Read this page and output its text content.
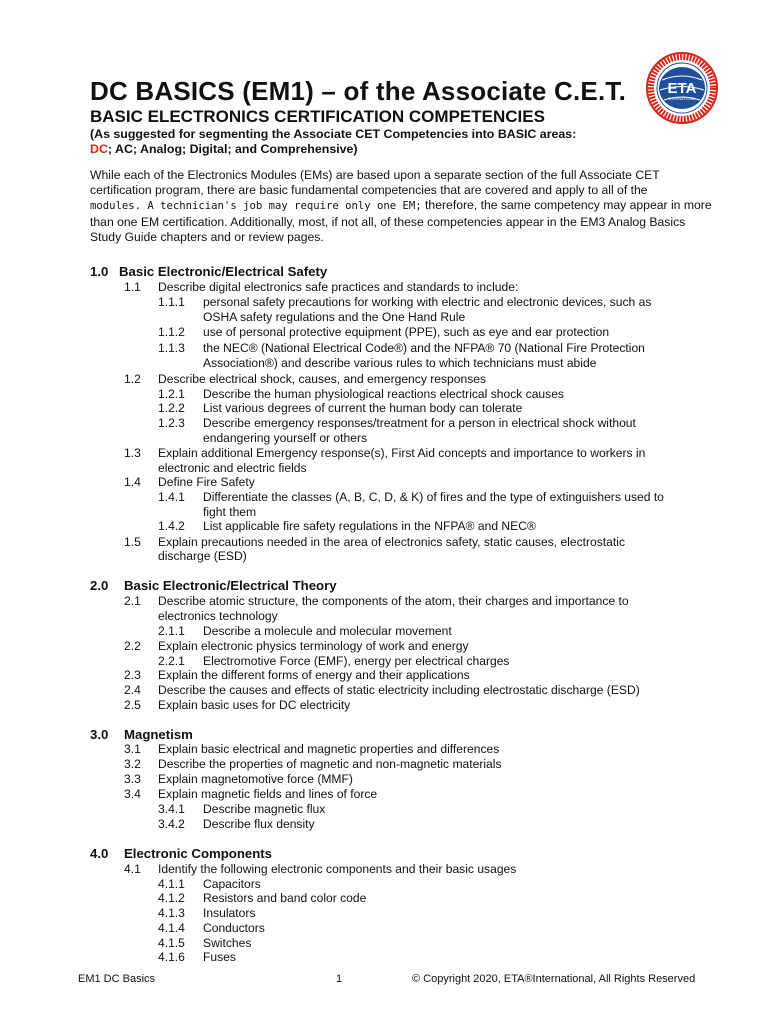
DC BASICS (EM1) – of the Associate C.E.T.
BASIC ELECTRONICS CERTIFICATION COMPETENCIES

(As suggested for segmenting the Associate CET Competencies into BASIC areas:

DC; AC; Analog; Digital; and Comprehensive)

ETA
INTERNATIONAL
While each of the Electronics Modules (EMs) are based upon a separate section of the full Associate CET
certification program, there are basic fundamental competencies that are covered and apply to all of the
modules. A technician's job may require only one EM; therefore, the same competency may appear in more
than one EM certification. Additionally, most, if not all, of these competencies appear in the EM3 Analog Basics
Study Guide chapters and or review pages.
1.0 Basic Electronic/Electrical Safety
1.1 Describe digital electronics safe practices and standards to include:
1.1.1 personal safety precautions for working with electric and electronic devices, such as
OSHA safety regulations and the One Hand Rule
1.1.2 use of personal protective equipment (PPE), such as eye and ear protection
1.1.3 the NEC® (National Electrical Code®) and the NFPA® 70 (National Fire Protection
Association®) and describe various rules to which technicians must abide
1.2 Describe electrical shock, causes, and emergency responses
1.2.1 Describe the human physiological reactions electrical shock causes
1.2.2 List various degrees of current the human body can tolerate
1.2.3 Describe emergency responses/treatment for a person in electrical shock without
endangering yourself or others
1.3 Explain additional Emergency response(s), First Aid concepts and importance to workers in
electronic and electric fields
1.4 Define Fire Safety
1.4.1 Differentiate the classes (A, B, C, D, & K) of fires and the type of extinguishers used to
fight them
1.4.2 List applicable fire safety regulations in the NFPA® and NEC®
1.5 Explain precautions needed in the area of electronics safety, static causes, electrostatic
discharge (ESD)
2.0 Basic Electronic/Electrical Theory
2.1 Describe atomic structure, the components of the atom, their charges and importance to
electronics technology
2.1.1 Describe a molecule and molecular movement
2.2 Explain electronic physics terminology of work and energy
2.2.1 Electromotive Force (EMF), energy per electrical charges
2.3 Explain the different forms of energy and their applications
2.4 Describe the causes and effects of static electricity including electrostatic discharge (ESD)
2.5 Explain basic uses for DC electricity
3.0 Magnetism
3.1 Explain basic electrical and magnetic properties and differences
3.2 Describe the properties of magnetic and non-magnetic materials
3.3 Explain magnetomotive force (MMF)
3.4 Explain magnetic fields and lines of force
3.4.1 Describe magnetic flux
3.4.2 Describe flux density
4.0 Electronic Components
4.1 Identify the following electronic components and their basic usages
4.1.1 Capacitors
4.1.2 Resistors and band color code
4.1.3 Insulators
4.1.4 Conductors
4.1.5 Switches
4.1.6 Fuses
EM1 DC Basics	1	© Copyright 2020, ETA®International, All Rights Reserved
